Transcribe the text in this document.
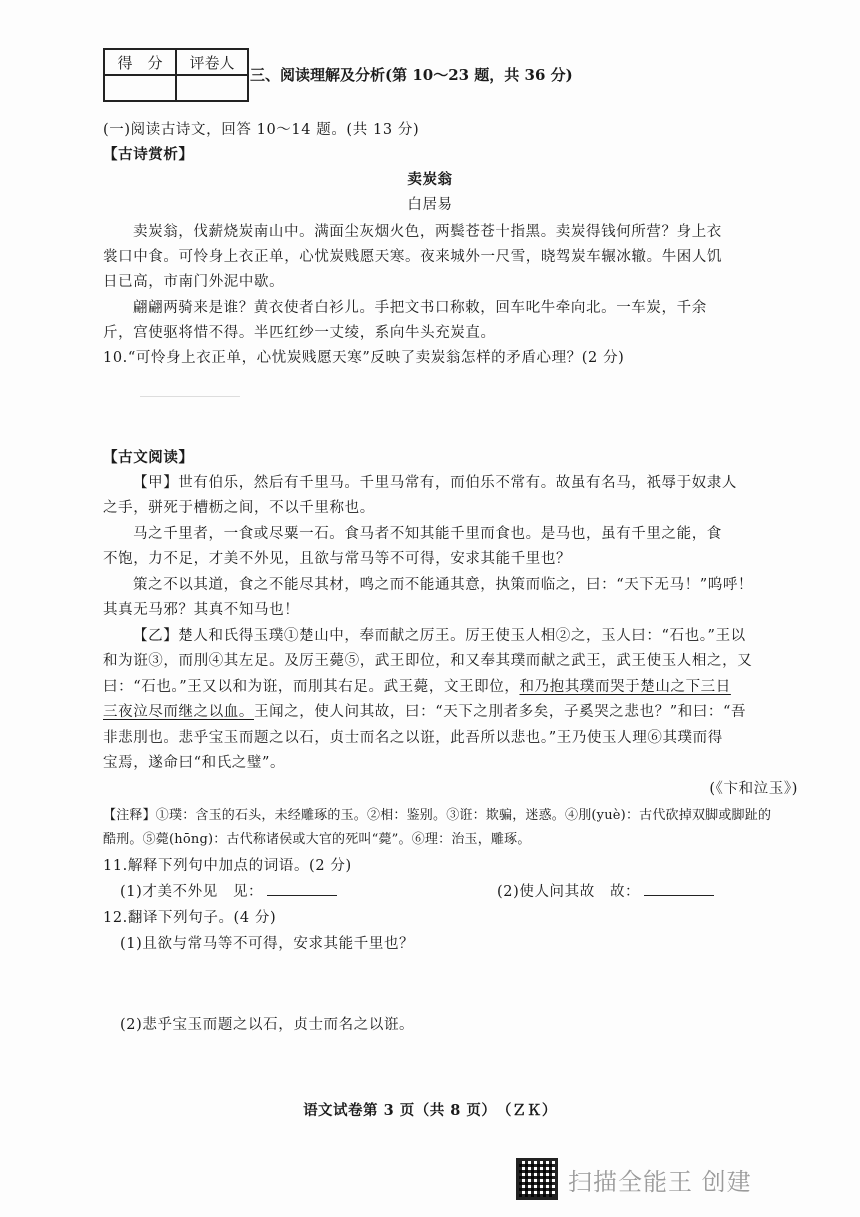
得　分	评卷人

三、阅读理解及分析(第 10～23 题，共 36 分)
(一)阅读古诗文，回答 10～14 题。(共 13 分)
【古诗赏析】
卖炭翁
白居易
卖炭翁，伐薪烧炭南山中。满面尘灰烟火色，两鬓苍苍十指黑。卖炭得钱何所营？身上衣
裳口中食。可怜身上衣正单，心忧炭贱愿天寒。夜来城外一尺雪，晓驾炭车辗冰辙。牛困人饥
日已高，市南门外泥中歇。
翩翩两骑来是谁？黄衣使者白衫儿。手把文书口称敕，回车叱牛牵向北。一车炭，千余
斤，宫使驱将惜不得。半匹红纱一丈绫，系向牛头充炭直。
10.“可怜身上衣正单，心忧炭贱愿天寒”反映了卖炭翁怎样的矛盾心理？(2 分)
【古文阅读】
【甲】世有伯乐，然后有千里马。千里马常有，而伯乐不常有。故虽有名马，祇辱于奴隶人
之手，骈死于槽枥之间，不以千里称也。
马之千里者，一食或尽粟一石。食马者不知其能千里而食也。是马也，虽有千里之能，食
不饱，力不足，才美不外见，且欲与常马等不可得，安求其能千里也？
策之不以其道，食之不能尽其材，鸣之而不能通其意，执策而临之，曰：“天下无马！”呜呼！
其真无马邪？其真不知马也！
【乙】楚人和氏得玉璞①楚山中，奉而献之厉王。厉王使玉人相②之，玉人曰：“石也。”王以
和为诳③，而刖④其左足。及厉王薨⑤，武王即位，和又奉其璞而献之武王，武王使玉人相之，又
曰：“石也。”王又以和为诳，而刖其右足。武王薨，文王即位，和乃抱其璞而哭于楚山之下三日
三夜泣尽而继之以血。王闻之，使人问其故，曰：“天下之刖者多矣，子奚哭之悲也？”和曰：“吾
非悲刖也。悲乎宝玉而题之以石，贞士而名之以诳，此吾所以悲也。”王乃使玉人理⑥其璞而得
宝焉，遂命曰“和氏之璧”。
(《卞和泣玉》)
【注释】①璞：含玉的石头，未经雕琢的玉。②相：鉴别。③诳：欺骗，迷惑。④刖(yuè)：古代砍掉双脚或脚趾的
酷刑。⑤薨(hōng)：古代称诸侯或大官的死叫“薨”。⑥理：治玉，雕琢。
11.解释下列句中加点的词语。(2 分)
(1)才美不外见　见：	(2)使人问其故　故：
12.翻译下列句子。(4 分)
(1)且欲与常马等不可得，安求其能千里也？
(2)悲乎宝玉而题之以石，贞士而名之以诳。
语文试卷第 3 页（共 8 页）　（ＺＫ）
扫描全能王 创建
